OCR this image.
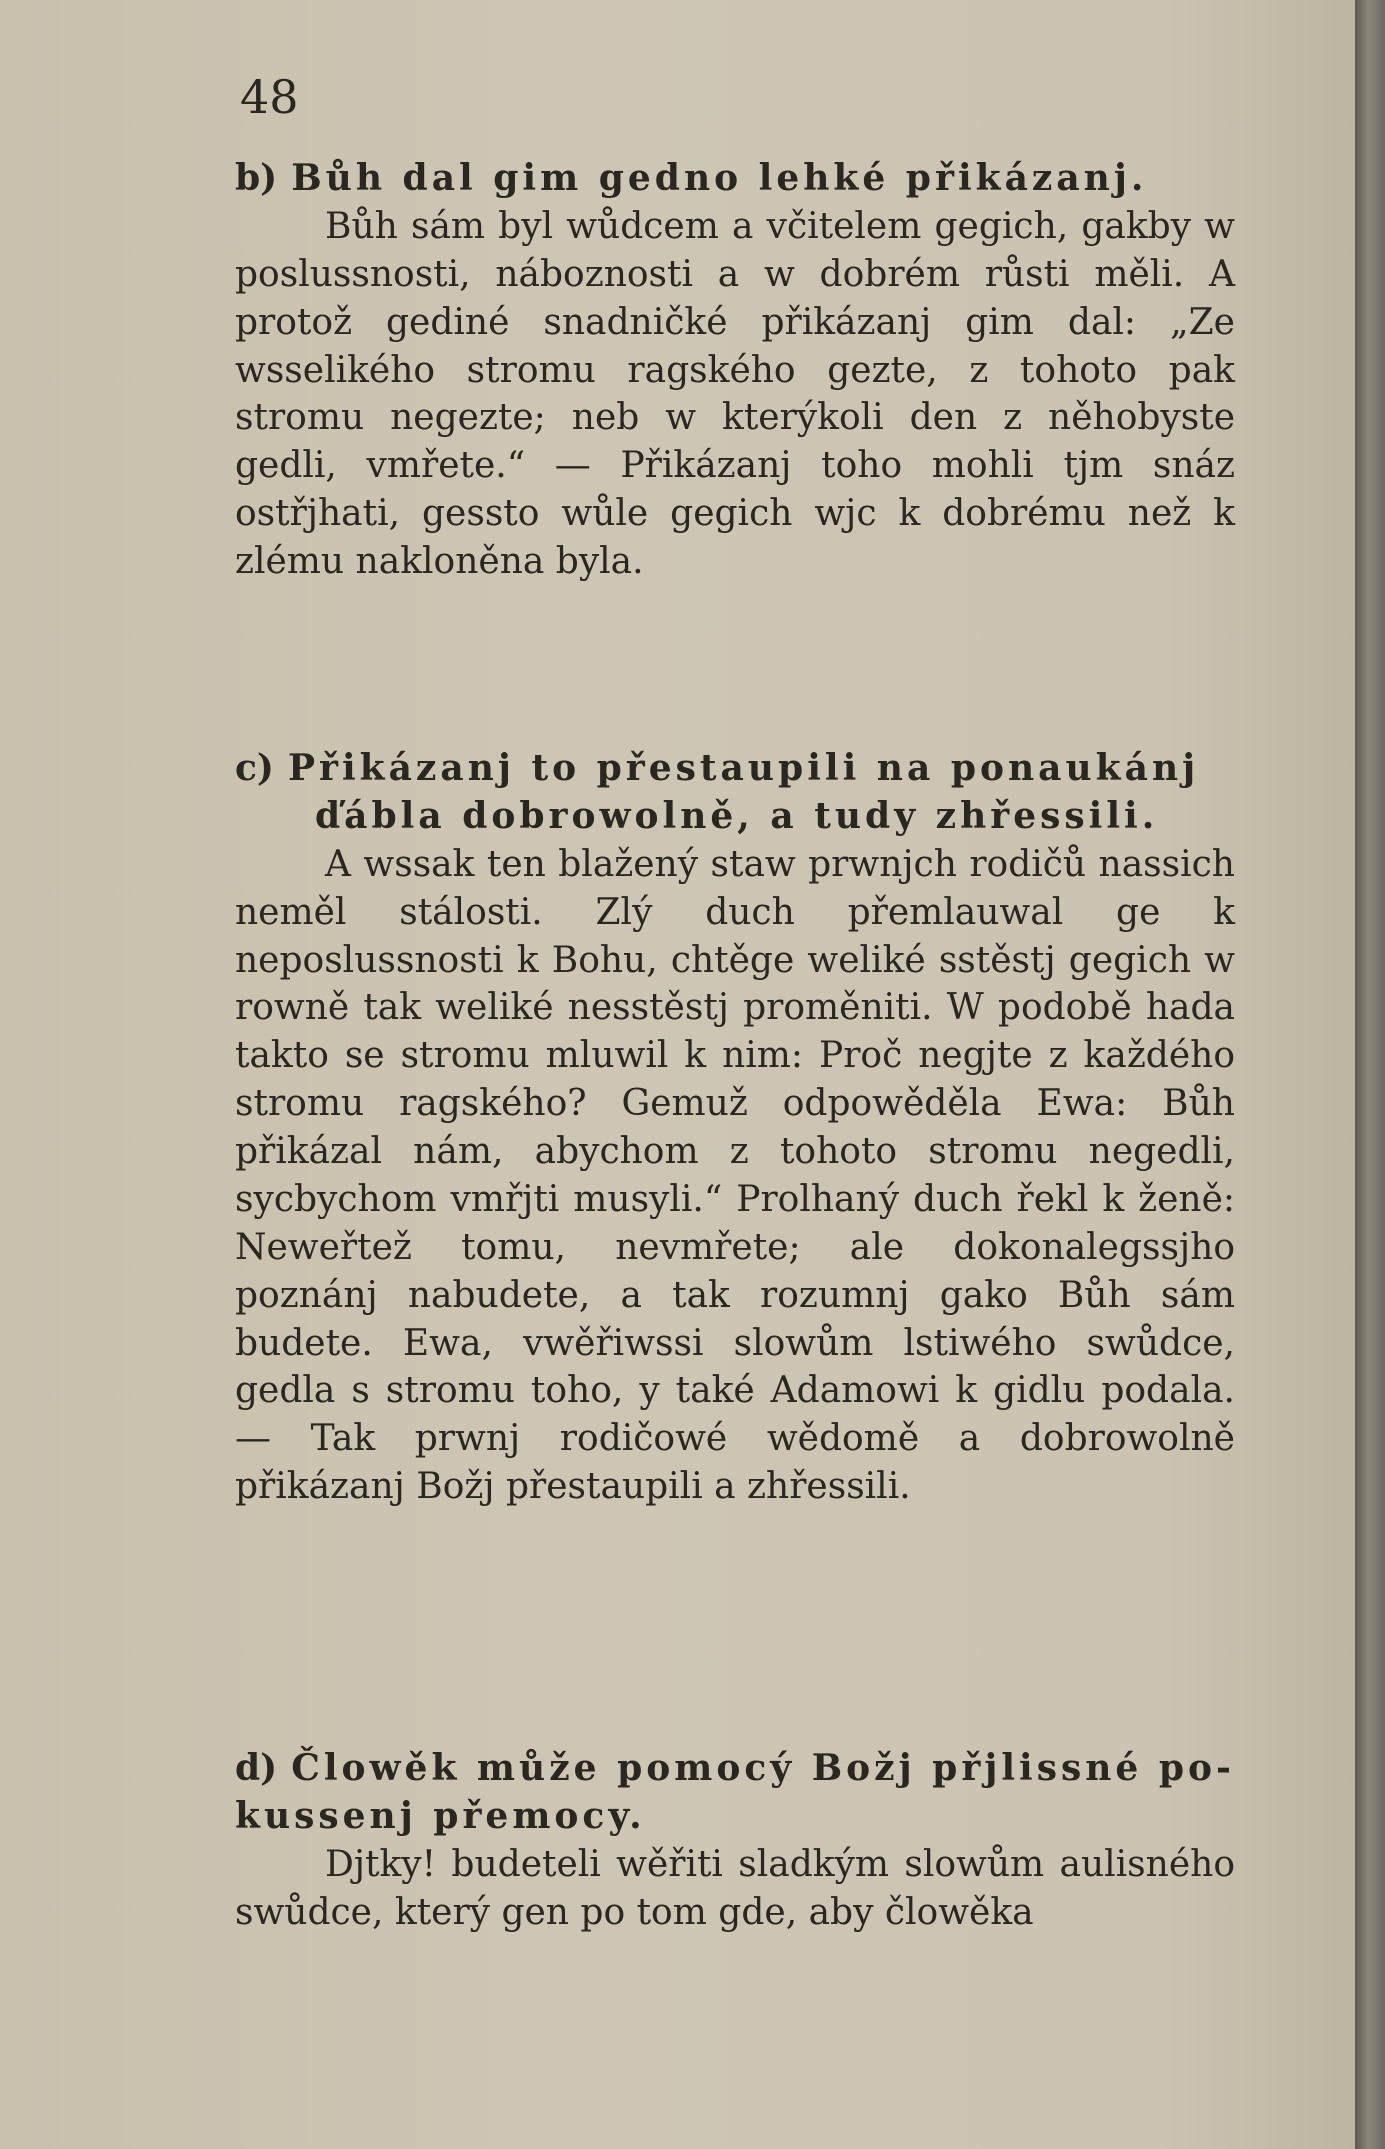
48
b) Bůh dal gim gedno lehké přikázanj.
Bůh sám byl wůdcem a včitelem gegich, gakby w poslussnosti, náboznosti a w dobrém růsti měli. A protož gediné snadničké přikázanj gim dal: „Ze wsselikého stromu ragského gezte, z tohoto pak stromu negezte; neb w kterýkoli den z něhobyste gedli, vmřete.“ — Přikázanj toho mohli tjm snáz ostřjhati, gessto wůle gegich wjc k dobrému než k zlému nakloněna byla.
c) Přikázanj to přestaupili na ponaukánj
ďábla dobrowolně, a tudy zhřessili.
A wssak ten blažený staw prwnjch rodičů nassich neměl stálosti. Zlý duch přemlauwal ge k neposlussnosti k Bohu, chtěge weliké sstěstj gegich w rowně tak weliké nesstěstj proměniti. W podobě hada takto se stromu mluwil k nim: Proč negjte z každého stromu ragského? Gemuž odpowěděla Ewa: Bůh přikázal nám, abychom z tohoto stromu negedli, sycbychom vmřjti musyli.“ Prolhaný duch řekl k ženě: Neweřtež tomu, nevmřete; ale dokonalegssjho poznánj nabudete, a tak rozumnj gako Bůh sám budete. Ewa, vwěřiwssi slowům lstiwého swůdce, gedla s stromu toho, y také Adamowi k gidlu podala. — Tak prwnj rodičowé wědomě a dobrowolně přikázanj Božj přestaupili a zhřessili.
d) Člowěk může pomocý Božj přjlissné po-
kussenj přemocy.
Djtky! budeteli wěřiti sladkým slowům aulisného swůdce, který gen po tom gde, aby člowěka
